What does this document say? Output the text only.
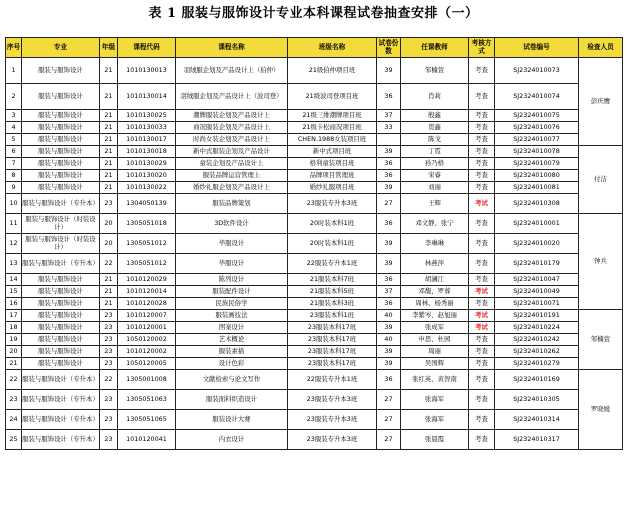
表 1 服装与服饰设计专业本科课程试卷抽查安排（一）
序号	专业	年级	课程代码	课程名称	班级名称	试卷份数	任课教师	考核方式	试卷编号	检查人员
1	服装与服饰设计	21	1010130013	羽绒服企划及产品设计上（伯仲）	21级伯仲项目班	39	邹楠萱	考查	SJ2324010073	彭庆鹰
2	服装与服饰设计	21	1010130014	羽绒服企划及产品设计上（波司登）	21级波司登项目班	36	肖莉	考查	SJ2324010074	
3	服装与服饰设计	21	1010130025	潮牌服装企划及产品设计上	21级三维潮牌项目班	37	殷鑫	考查	SJ2324010075	
4	服装与服饰设计	21	1010130033	商况服装企划及产品设计上	21级卡松商况项目班	33	贺鑫	考查	SJ2324010076	
5	服装与服饰设计	21	1010130017	时尚女装企划及产品设计上	CHEN.1988女装项目班		陈戈	考查	SJ2324010077	
6	服装与服饰设计	21	1010130018	新中式服装企划及产品设计	新中式项目班	39	丁霓	考查	SJ2324010078	付洁
7	服装与服饰设计	21	1010130029	童装企划及产品设计上	格利童装项目班	36	孙乃格	考查	SJ2324010079	
8	服装与服饰设计	21	1010130020	服装品牌运营管理上	品牌项目管理班	36	宋睿	考查	SJ2324010080	
9	服装与服饰设计	21	1010130022	婚纱礼服企划及产品设计上	婚纱礼服项目班	39	刘丽	考查	SJ2324010081	
10	服装与服饰设计（专升本）	23	1304050139	服装品牌策划	23服装专升本3班	27	王辉	考试	SJ2324010308	
11	服装与服饰设计（时装设计）	20	1305051018	3D软件设计	20时装本科1班	36	邓文静、张宁	考查	SJ2324010001	钟兵
12	服装与服饰设计（时装设计）	20	1305051012	毕服设计	20时装本科1班	39	李琳琳	考查	SJ2324010020	
13	服装与服饰设计（专升本）	22	1305051012	毕服设计	22服装专升本1班	39	林燕萍	考查	SJ2324010179	
14	服装与服饰设计	21	1010120029	陈列设计	21服装本科7班	36	胡澜江	考查	SJ2324010047	
15	服装与服饰设计	21	1010120014	服装配件设计	21服装本科5班	37	邓馥、罗蓉	考试	SJ2324010049	
16	服装与服饰设计	21	1010120028	民族民俗学	21服装本科3班	36	周林、杨秀丽	考查	SJ2324010071	
17	服装与服饰设计	23	1010120007	服装画技法	23服装本科1班	40	李紫岑、赵旭丽	考试	SJ2324010191	邹楠萱
18	服装与服饰设计	23	1010120001	图案设计	23服装本科17班	39	张成军	考试	SJ2324010224	
19	服装与服饰设计	23	1050120002	艺术概论	23服装本科17班	40	申思、杜园	考查	SJ2324010242	
20	服装与服饰设计	23	1010120002	服装素描	23服装本科17班	39	周丽	考查	SJ2324010262	
21	服装与服饰设计	23	1050120005	设计色彩	23服装本科17班	39	吴国辉	考查	SJ2324010279	
22	服装与服饰设计（专升本）	22	1305001008	文献检索与论文写作	22服装专升本1班	36	张红英、黄智南	考查	SJ2324010169	罗晓媛
23	服装与服饰设计（专升本）	23	1305051063	服装面料织造设计	23服装专升本3班	27	张海军	考查	SJ2324010305	
24	服装与服饰设计（专升本）	23	1305051065	服装设计大赛	23服装专升本3班	27	张海军	考查	SJ2324010314	
25	服装与服饰设计（专升本）	23	1010120041	内衣设计	23服装专升本3班	27	张晨霞	考查	SJ2324010317	
